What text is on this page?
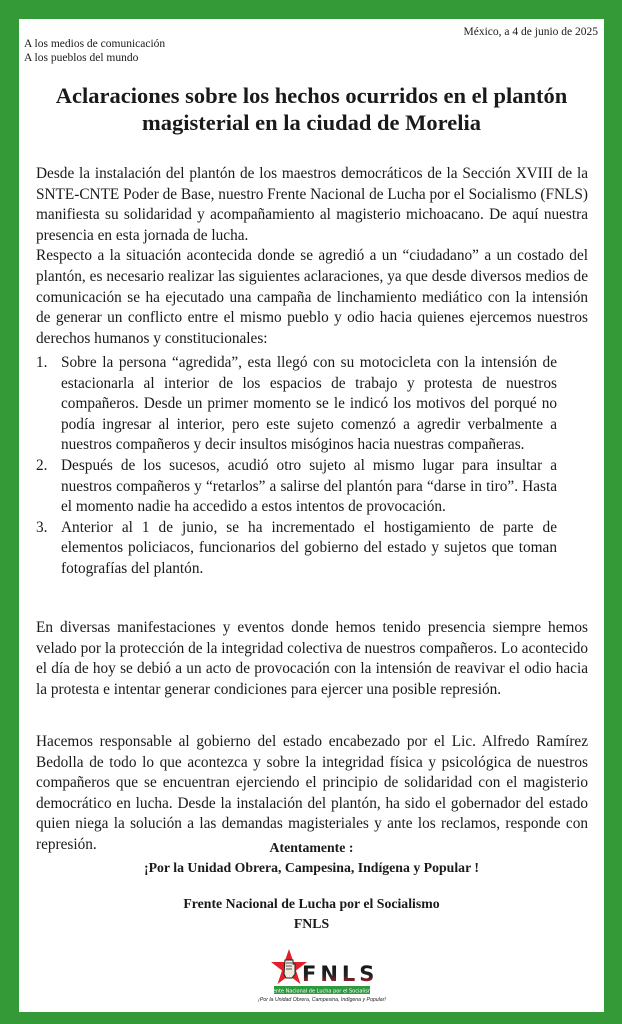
México, a 4 de junio de 2025
A los medios de comunicación
A los pueblos del mundo
Aclaraciones sobre los hechos ocurridos en el plantón
magisterial en la ciudad de Morelia

Desde la instalación del plantón de los maestros democráticos de la Sección XVIII de la SNTE-CNTE Poder de Base, nuestro Frente Nacional de Lucha por el Socialismo (FNLS) manifiesta su solidaridad y acompañamiento al magisterio michoacano. De aquí nuestra presencia en esta jornada de lucha.

Respecto a la situación acontecida donde se agredió a un “ciudadano” a un costado del plantón, es necesario realizar las siguientes aclaraciones, ya que desde diversos medios de comunicación se ha ejecutado una campaña de linchamiento mediático con la intensión de generar un conflicto entre el mismo pueblo y odio hacia quienes ejercemos nuestros derechos humanos y constitucionales:

1. Sobre la persona “agredida”, esta llegó con su motocicleta con la intensión de estacionarla al interior de los espacios de trabajo y protesta de nuestros compañeros. Desde un primer momento se le indicó los motivos del porqué no podía ingresar al interior, pero este sujeto comenzó a agredir verbalmente a nuestros compañeros y decir insultos misóginos hacia nuestras compañeras.
2. Después de los sucesos, acudió otro sujeto al mismo lugar para insultar a nuestros compañeros y “retarlos” a salirse del plantón para “darse in tiro”. Hasta el momento nadie ha accedido a estos intentos de provocación.
3. Anterior al 1 de junio, se ha incrementado el hostigamiento de parte de elementos policiacos, funcionarios del gobierno del estado y sujetos que toman fotografías del plantón.

En diversas manifestaciones y eventos donde hemos tenido presencia siempre hemos velado por la protección de la integridad colectiva de nuestros compañeros. Lo acontecido el día de hoy se debió a un acto de provocación con la intensión de reavivar el odio hacia la protesta e intentar generar condiciones para ejercer una posible represión.

Hacemos responsable al gobierno del estado encabezado por el Lic. Alfredo Ramírez Bedolla de todo lo que acontezca y sobre la integridad física y psicológica de nuestros compañeros que se encuentran ejerciendo el principio de solidaridad con el magisterio democrático en lucha. Desde la instalación del plantón, ha sido el gobernador del estado quien niega la solución a las demandas magisteriales y ante los reclamos, responde con represión.	Atentamente :
¡Por la Unidad Obrera, Campesina, Indígena y Popular !
Frente Nacional de Lucha por el Socialismo
FNLS
FNLS
Frente Nacional de Lucha por el Socialismo
¡Por la Unidad Obrera, Campesina, Indígena y Popular!
